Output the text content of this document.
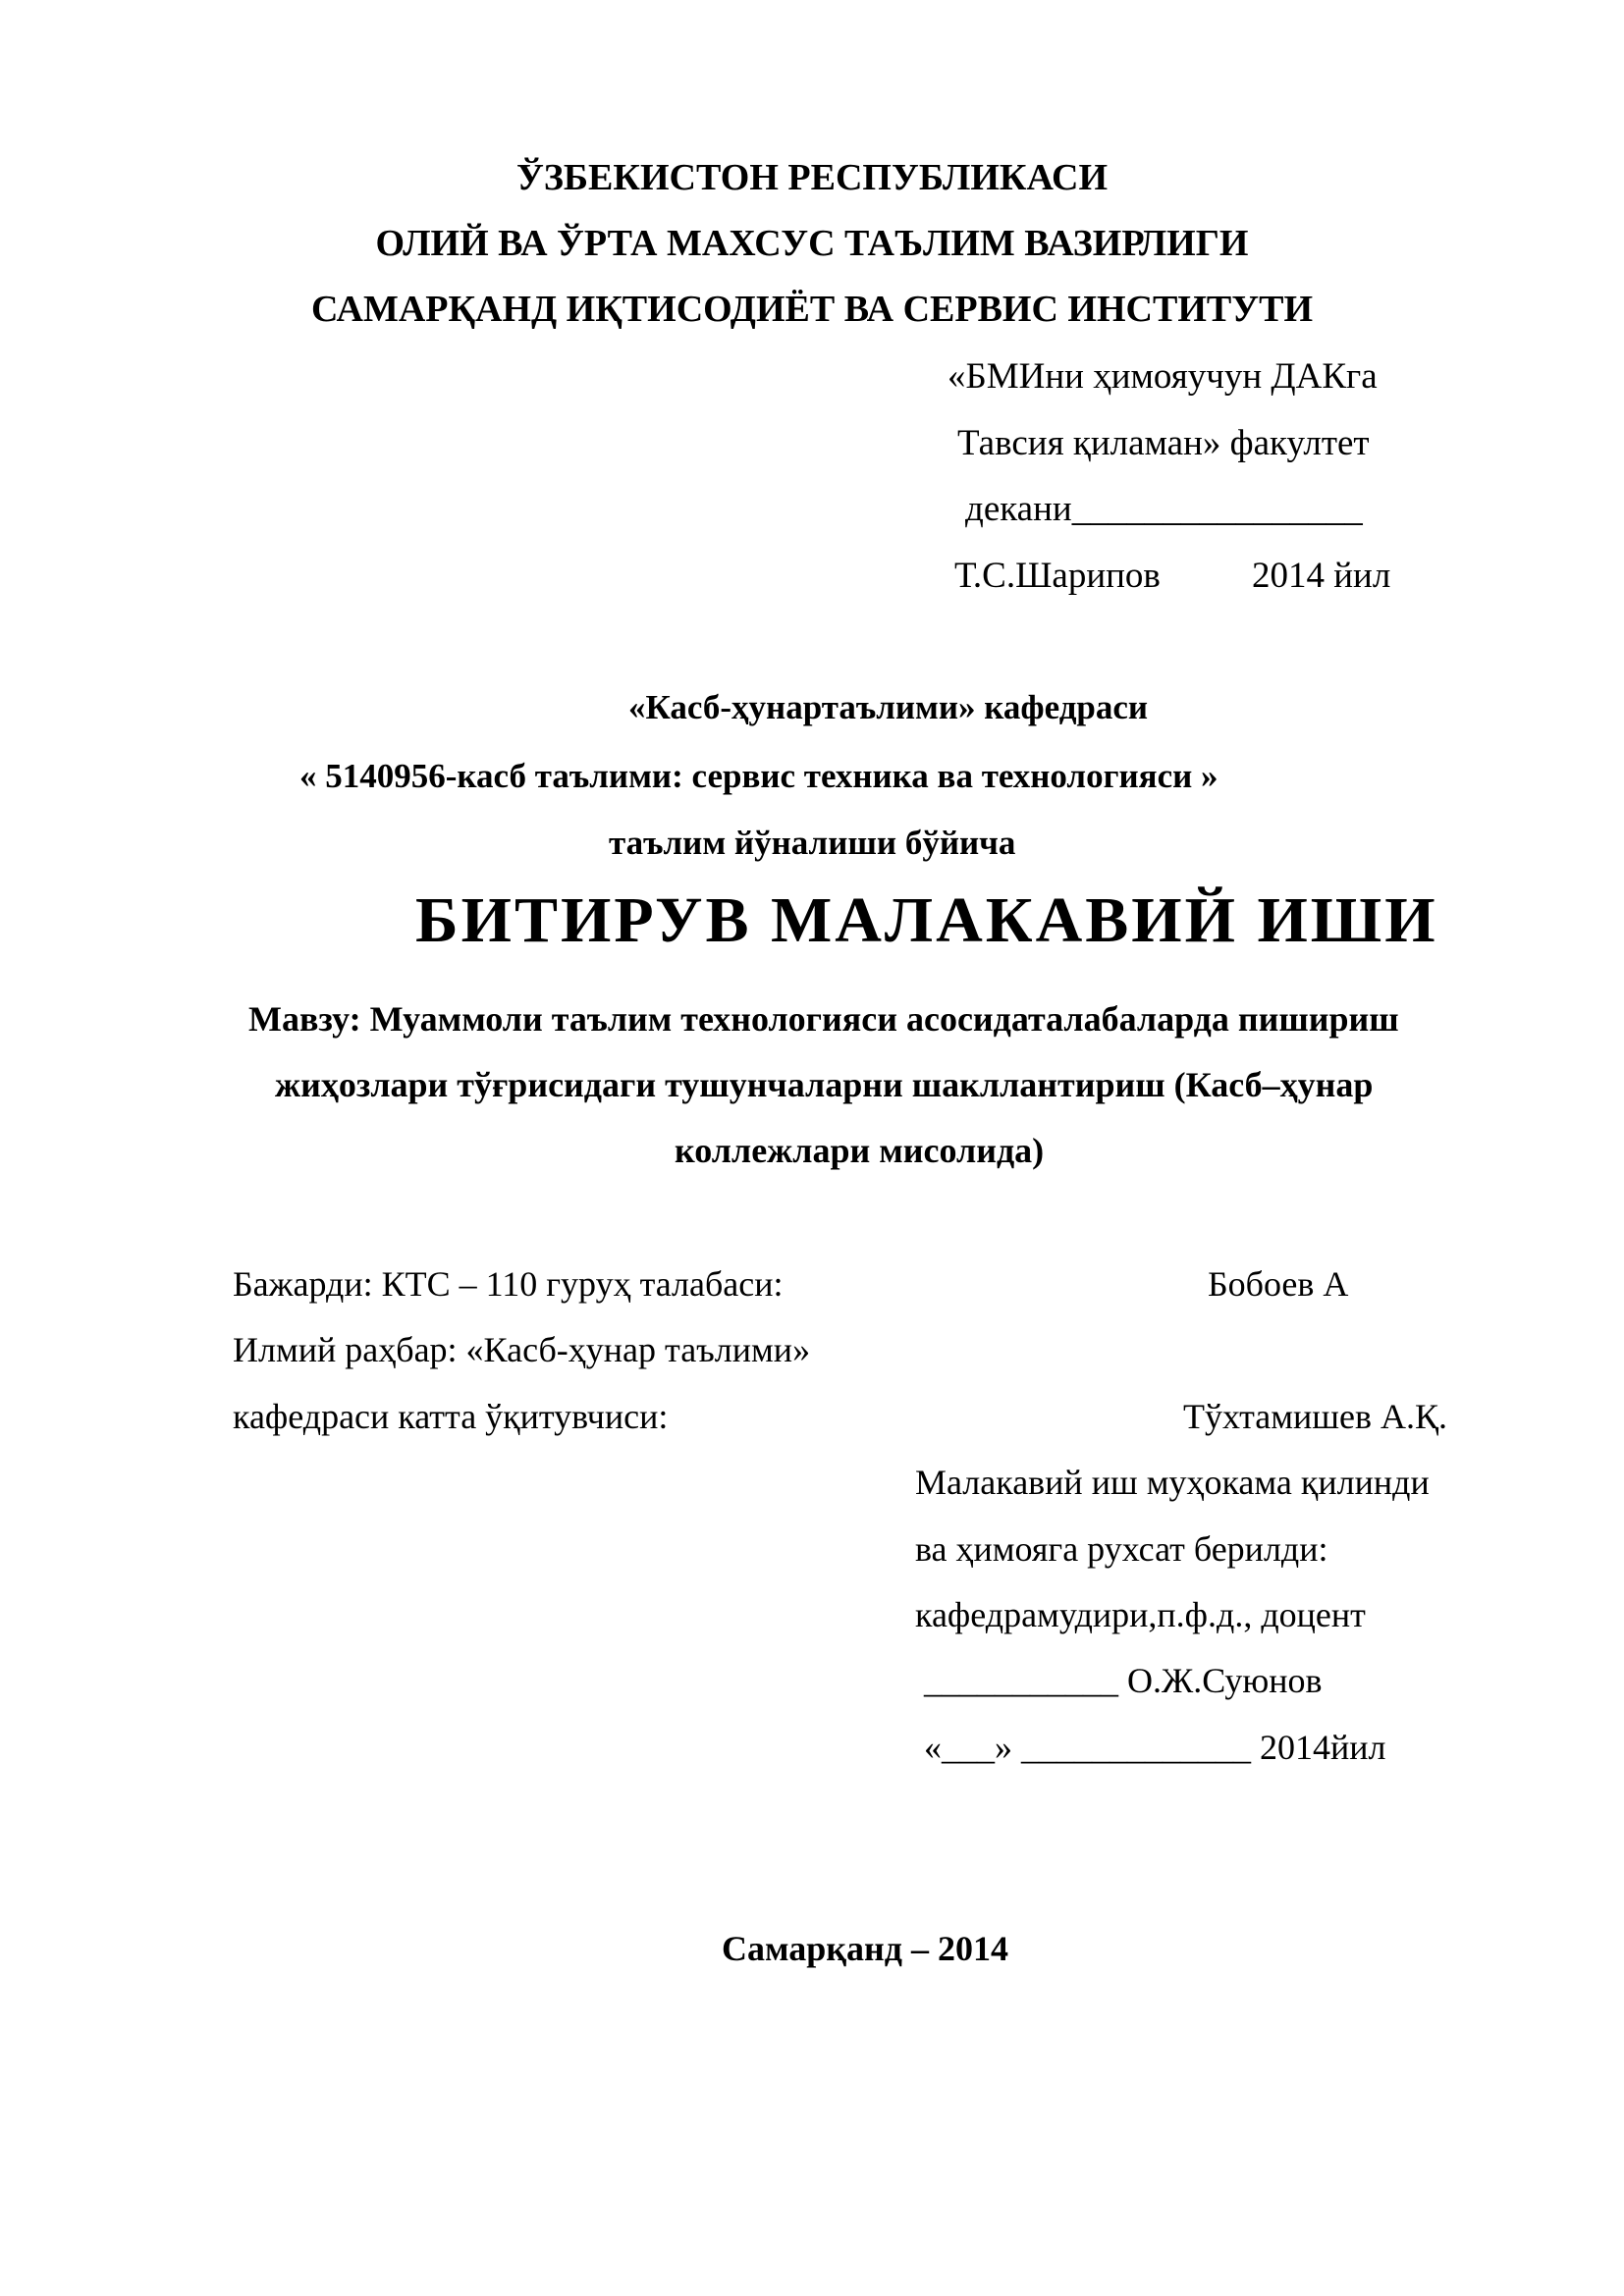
ЎЗБЕКИСТОН РЕСПУБЛИКАСИ
ОЛИЙ ВА ЎРТА МАХСУС ТАЪЛИМ ВАЗИРЛИГИ
САМАРҚАНД ИҚТИСОДИЁТ ВА СЕРВИС ИНСТИТУТИ
«БМИни ҳимояучун ДАКга
Тавсия қиламан» факултет
декани________________
Т.С.Шарипов	2014 йил
«Касб-ҳунартаълими» кафедраси
« 5140956-касб таълими: сервис техника ва технологияси »
таълим йўналиши бўйича
БИТИРУВ МАЛАКАВИЙ ИШИ
Мавзу: Муаммоли таълим технологияси асосидаталабаларда пишириш
жиҳозлари тўғрисидаги тушунчаларни шакллантириш (Касб–ҳунар
коллежлари мисолида)
Бажарди: КТС – 110 гуруҳ талабаси:	Бобоев А
Илмий раҳбар: «Касб-ҳунар таълими»
кафедраси катта ўқитувчиси:	Тўхтамишев А.Қ.
Малакавий иш муҳокама қилинди
ва ҳимояга рухсат берилди:
кафедрамудири,п.ф.д., доцент
___________ О.Ж.Суюнов
«___» _____________ 2014йил
Самарқанд – 2014
